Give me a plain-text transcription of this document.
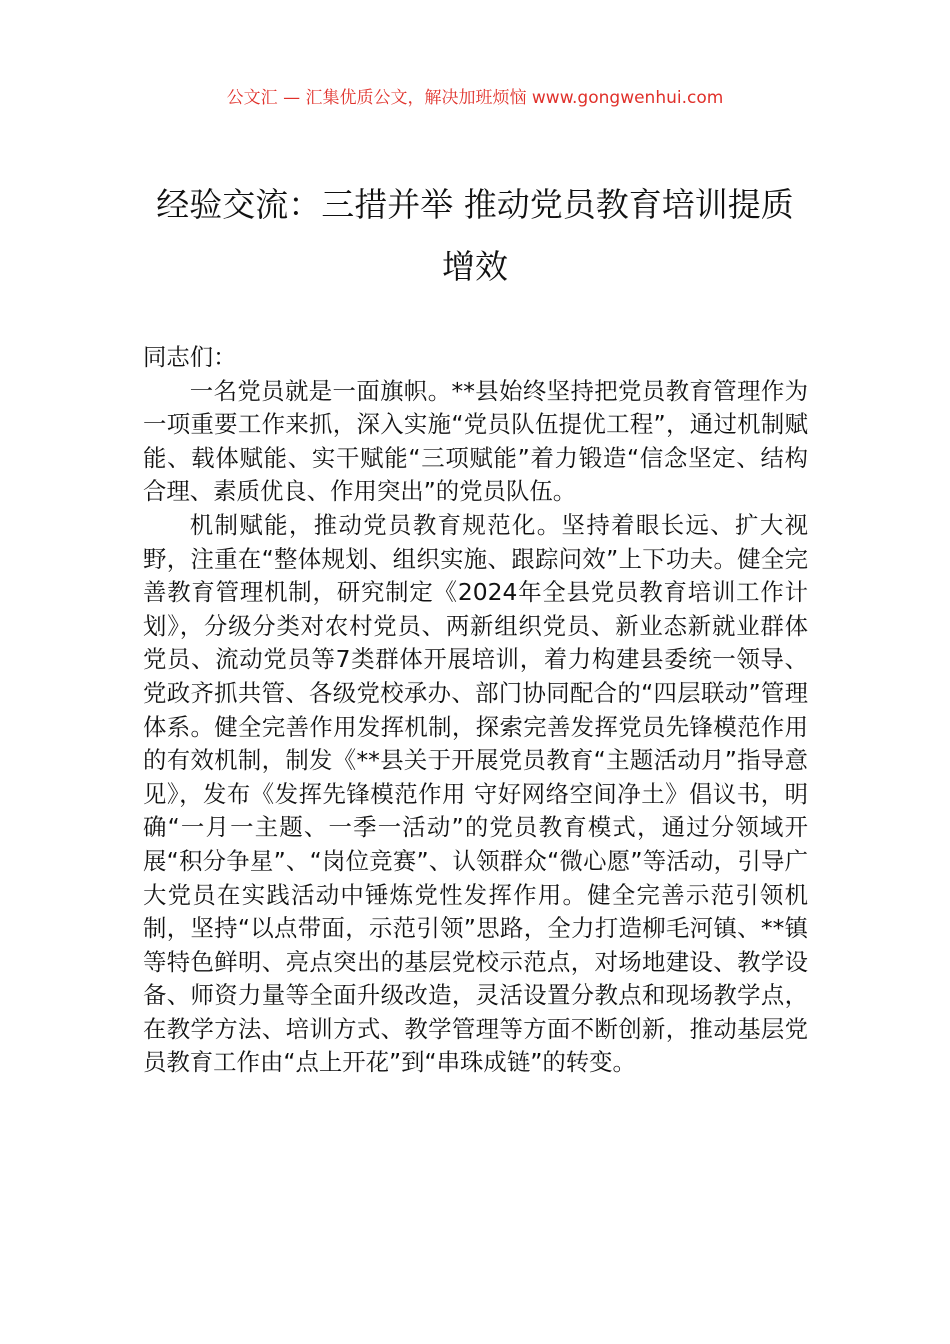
公文汇 — 汇集优质公文，解决加班烦恼 www.gongwenhui.com
经验交流：三措并举 推动党员教育培训提质增效

同志们：

一名党员就是一面旗帜。**县始终坚持把党员教育管理作为一项重要工作来抓，深入实施“党员队伍提优工程”，通过机制赋能、载体赋能、实干赋能“三项赋能”着力锻造“信念坚定、结构合理、素质优良、作用突出”的党员队伍。

机制赋能，推动党员教育规范化。坚持着眼长远、扩大视野，注重在“整体规划、组织实施、跟踪问效”上下功夫。健全完善教育管理机制，研究制定《2024年全县党员教育培训工作计划》，分级分类对农村党员、两新组织党员、新业态新就业群体党员、流动党员等7类群体开展培训，着力构建县委统一领导、党政齐抓共管、各级党校承办、部门协同配合的“四层联动”管理体系。健全完善作用发挥机制，探索完善发挥党员先锋模范作用的有效机制，制发《**县关于开展党员教育“主题活动月”指导意见》，发布《发挥先锋模范作用 守好网络空间净土》倡议书，明确“一月一主题、一季一活动”的党员教育模式，通过分领域开展“积分争星”、“岗位竞赛”、认领群众“微心愿”等活动，引导广大党员在实践活动中锤炼党性发挥作用。健全完善示范引领机制，坚持“以点带面，示范引领”思路，全力打造柳毛河镇、**镇等特色鲜明、亮点突出的基层党校示范点，对场地建设、教学设备、师资力量等全面升级改造，灵活设置分教点和现场教学点，在教学方法、培训方式、教学管理等方面不断创新，推动基层党员教育工作由“点上开花”到“串珠成链”的转变。
